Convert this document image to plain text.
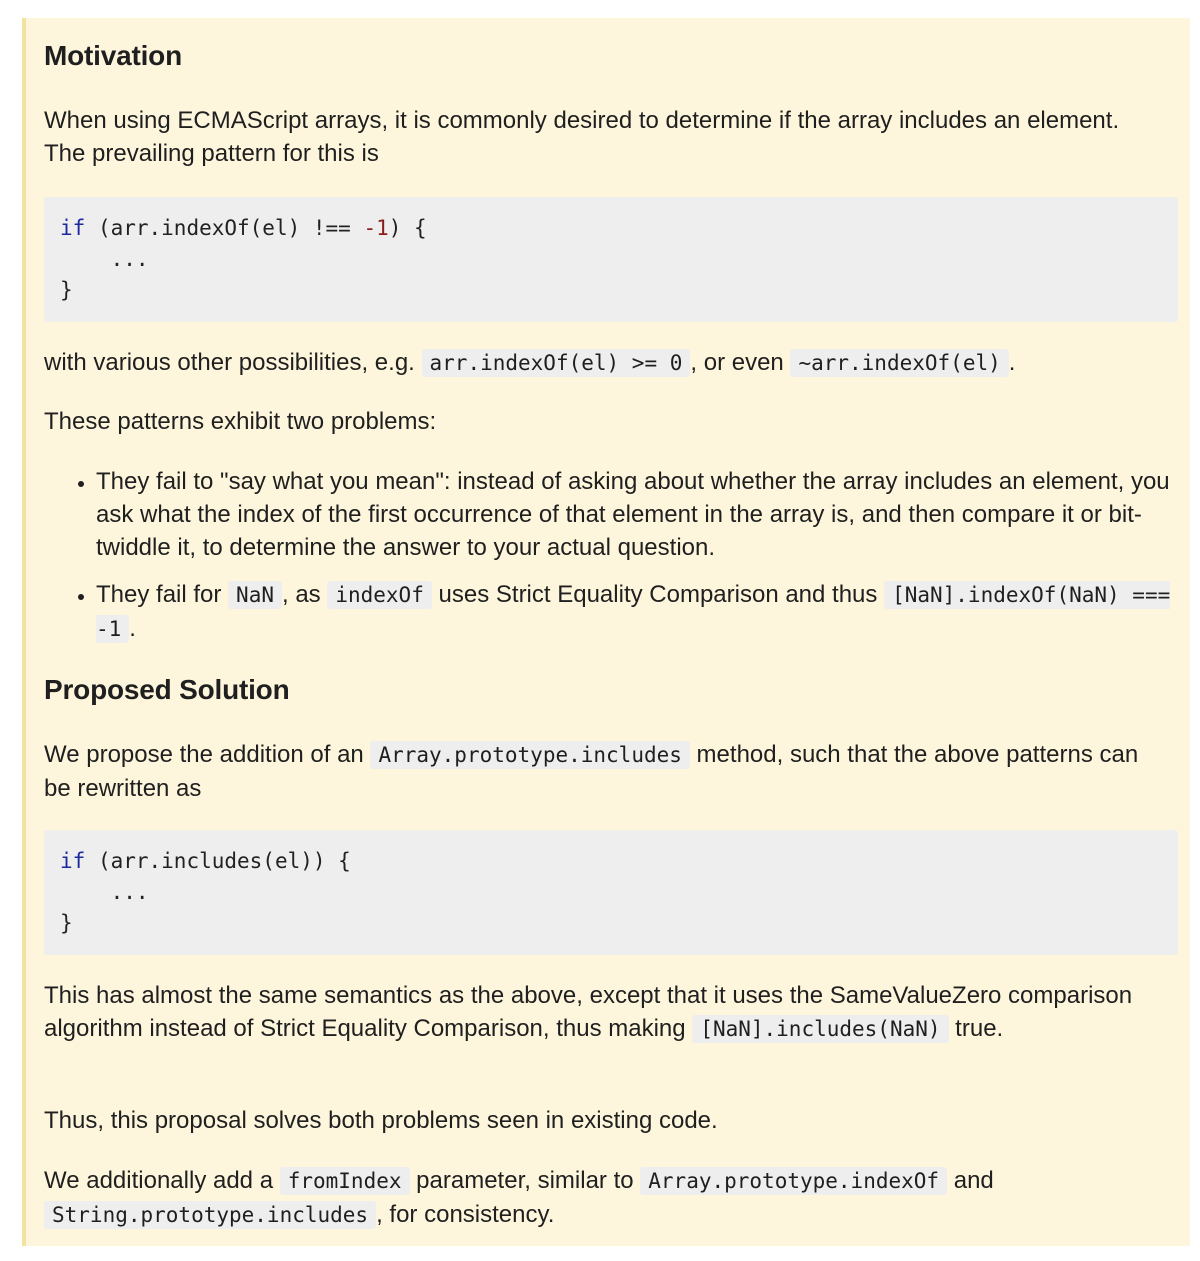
Motivation

When using ECMAScript arrays, it is commonly desired to determine if the array includes an element. The prevailing pattern for this is

if (arr.indexOf(el) !== -1) {
...
}

with various other possibilities, e.g. arr.indexOf(el) >= 0 , or even ~arr.indexOf(el) .

These patterns exhibit two problems:

• They fail to "say what you mean": instead of asking about whether the array includes an element, you ask what the index of the first occurrence of that element in the array is, and then compare it or bit-twiddle it, to determine the answer to your actual question.
• They fail for NaN , as indexOf uses Strict Equality Comparison and thus [NaN].indexOf(NaN) === -1 .
Proposed Solution

We propose the addition of an Array.prototype.includes method, such that the above patterns can be rewritten as

if (arr.includes(el)) {
...
}

This has almost the same semantics as the above, except that it uses the SameValueZero comparison algorithm instead of Strict Equality Comparison, thus making [NaN].includes(NaN) true.

Thus, this proposal solves both problems seen in existing code.

We additionally add a fromIndex parameter, similar to Array.prototype.indexOf and String.prototype.includes , for consistency.
